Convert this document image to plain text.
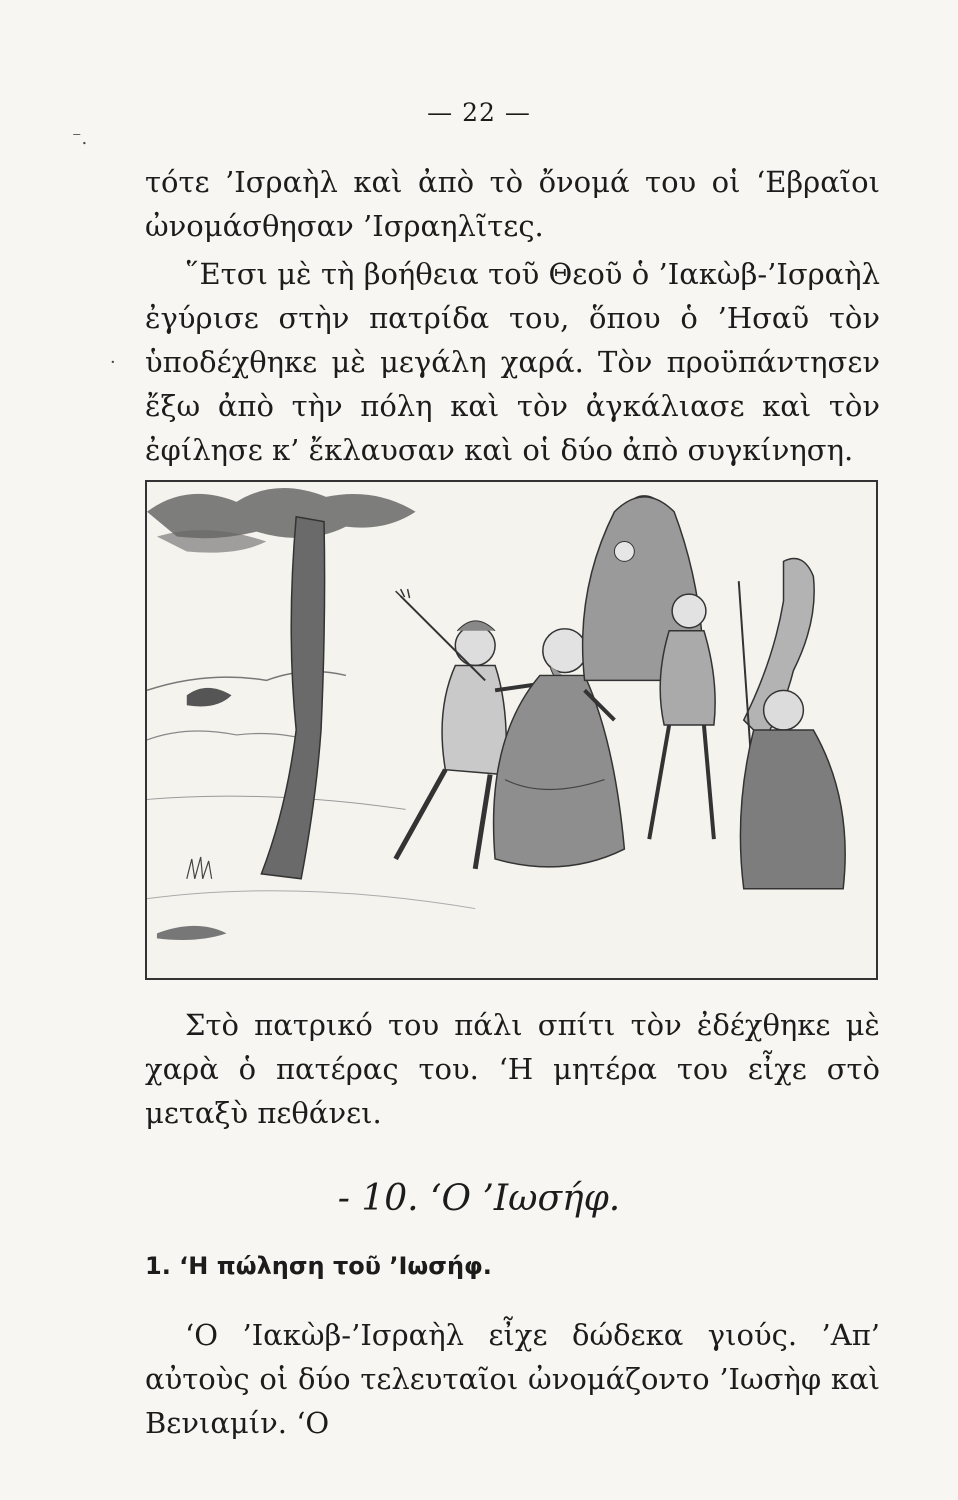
— 22 —
⁻.
·

τότε ’Ισραὴλ καὶ ἀπὸ τὸ ὄνομά του οἱ ‘Εβραῖοι ὠνομάσθησαν ’Ισραηλῖτες.

῞Ετσι μὲ τὴ βοήθεια τοῦ Θεοῦ ὁ ’Ιακὼβ-’Ισραὴλ ἐγύρισε στὴν πατρίδα του, ὅπου ὁ ’Ησαῦ τὸν ὑποδέχθηκε μὲ μεγάλη χαρά. Τὸν προϋπάντησεν ἔξω ἀπὸ τὴν πόλη καὶ τὸν ἀγκάλιασε καὶ τὸν ἐφίλησε κ’ ἔκλαυσαν καὶ οἱ δύο ἀπὸ συγκίνηση.

Στὸ πατρικό του πάλι σπίτι τὸν ἐδέχθηκε μὲ χαρὰ ὁ πατέρας του. ‘Η μητέρα του εἶχε στὸ μεταξὺ πεθάνει.

- 10. ‘Ο ’Ιωσήφ.
1. ‘Η πώληση τοῦ ’Ιωσήφ.

‘Ο ’Ιακὼβ-’Ισραὴλ εἶχε δώδεκα γιούς. ’Απ’ αὐτοὺς οἱ δύο τελευταῖοι ὠνομάζοντο ’Ιωσὴφ καὶ Βενιαμίν. ‘Ο
